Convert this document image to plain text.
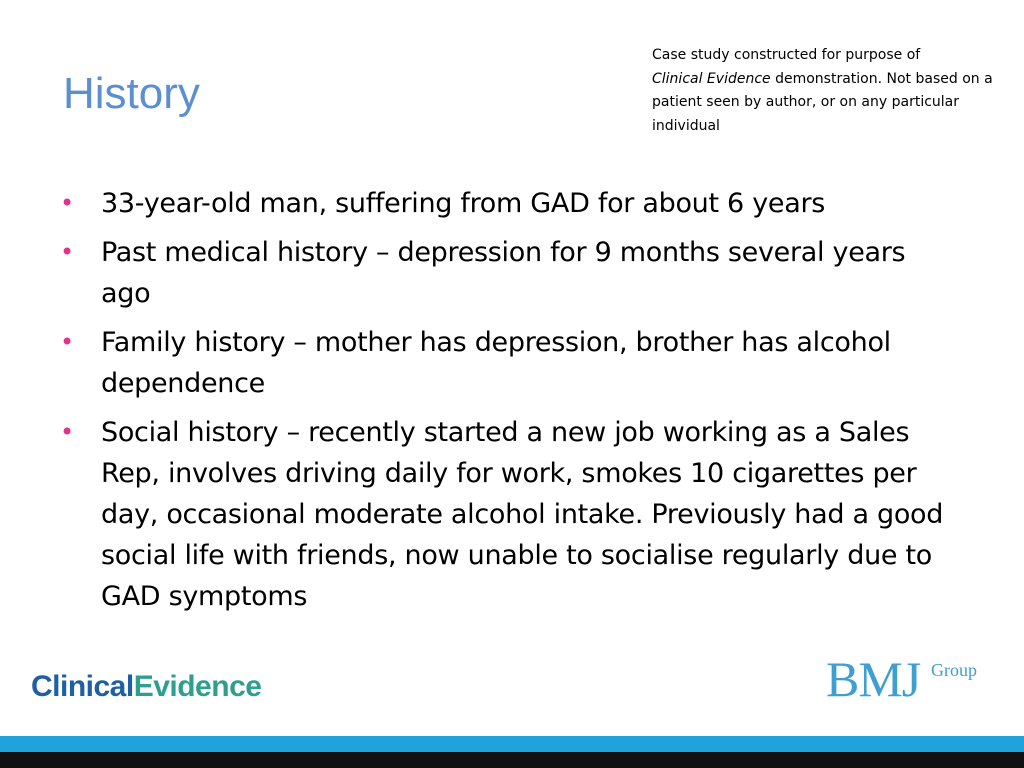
History
Case study constructed for purpose of
Clinical Evidence demonstration. Not based on a patient seen by author, or on any particular individual
• 33-year-old man, suffering from GAD for about 6 years
• Past medical history – depression for 9 months several years ago
• Family history – mother has depression, brother has alcohol dependence
• Social history – recently started a new job working as a Sales Rep, involves driving daily for work, smokes 10 cigarettes per day, occasional moderate alcohol intake. Previously had a good social life with friends, now unable to socialise regularly due to GAD symptoms
ClinicalEvidence	BMJ Group
